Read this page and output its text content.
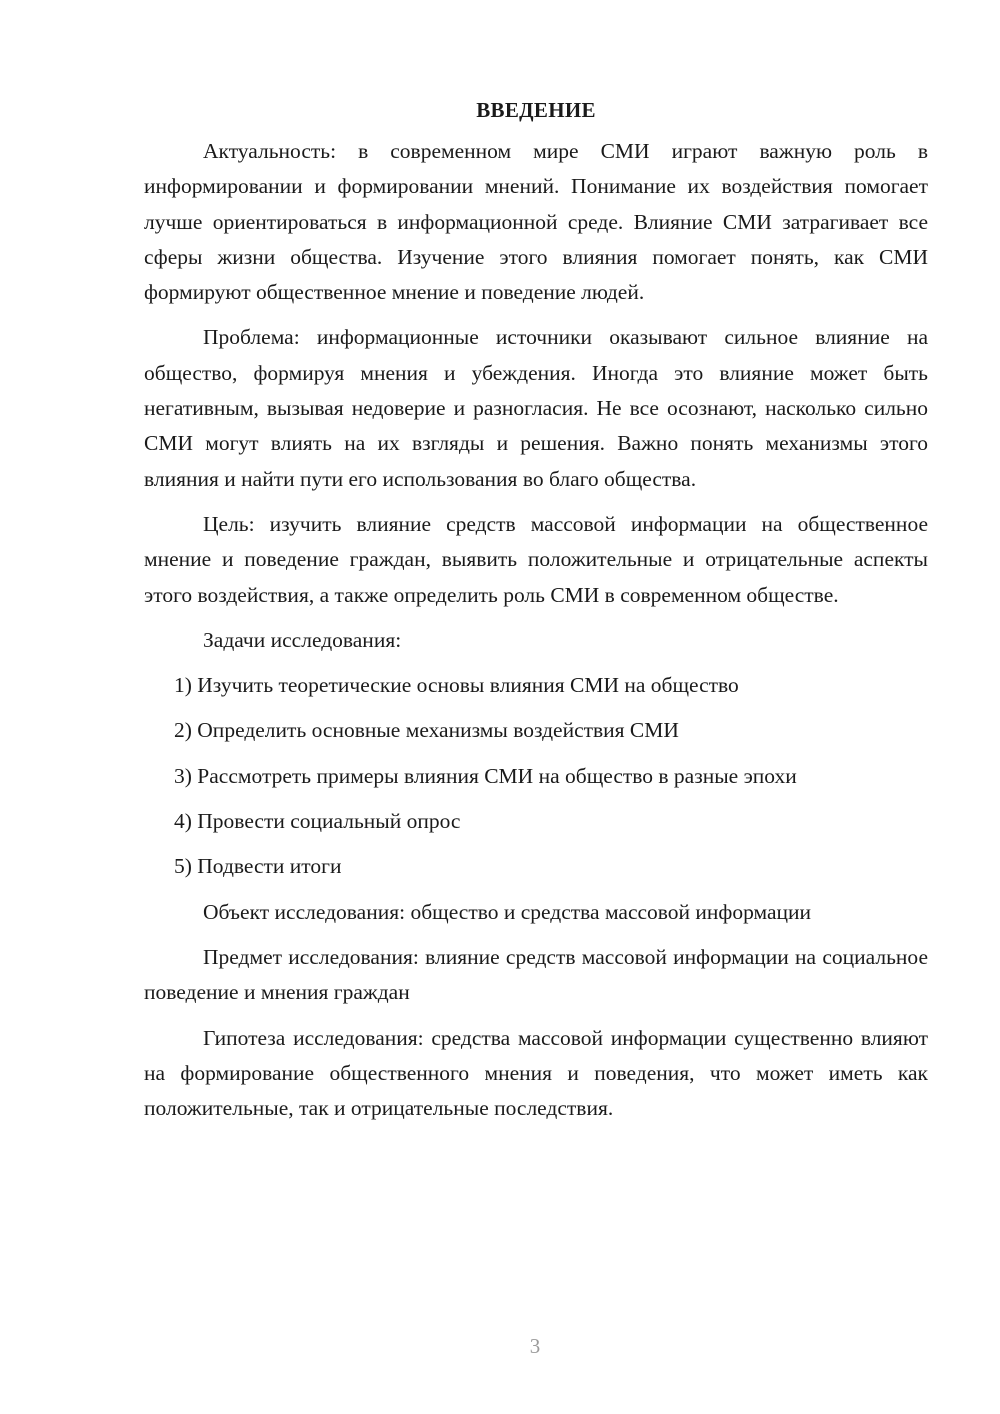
ВВЕДЕНИЕ

Актуальность: в современном мире СМИ играют важную роль в информировании и формировании мнений. Понимание их воздействия помогает лучше ориентироваться в информационной среде. Влияние СМИ затрагивает все сферы жизни общества. Изучение этого влияния помогает понять, как СМИ формируют общественное мнение и поведение людей.

Проблема: информационные источники оказывают сильное влияние на общество, формируя мнения и убеждения. Иногда это влияние может быть негативным, вызывая недоверие и разногласия. Не все осознают, насколько сильно СМИ могут влиять на их взгляды и решения. Важно понять механизмы этого влияния и найти пути его использования во благо общества.

Цель: изучить влияние средств массовой информации на общественное мнение и поведение граждан, выявить положительные и отрицательные аспекты этого воздействия, а также определить роль СМИ в современном обществе.

Задачи исследования:

1) Изучить теоретические основы влияния СМИ на общество
2) Определить основные механизмы воздействия СМИ
3) Рассмотреть примеры влияния СМИ на общество в разные эпохи
4) Провести социальный опрос
5) Подвести итоги

Объект исследования: общество и средства массовой информации

Предмет исследования: влияние средств массовой информации на социальное поведение и мнения граждан

Гипотеза исследования: средства массовой информации существенно влияют на формирование общественного мнения и поведения, что может иметь как положительные, так и отрицательные последствия.

3
